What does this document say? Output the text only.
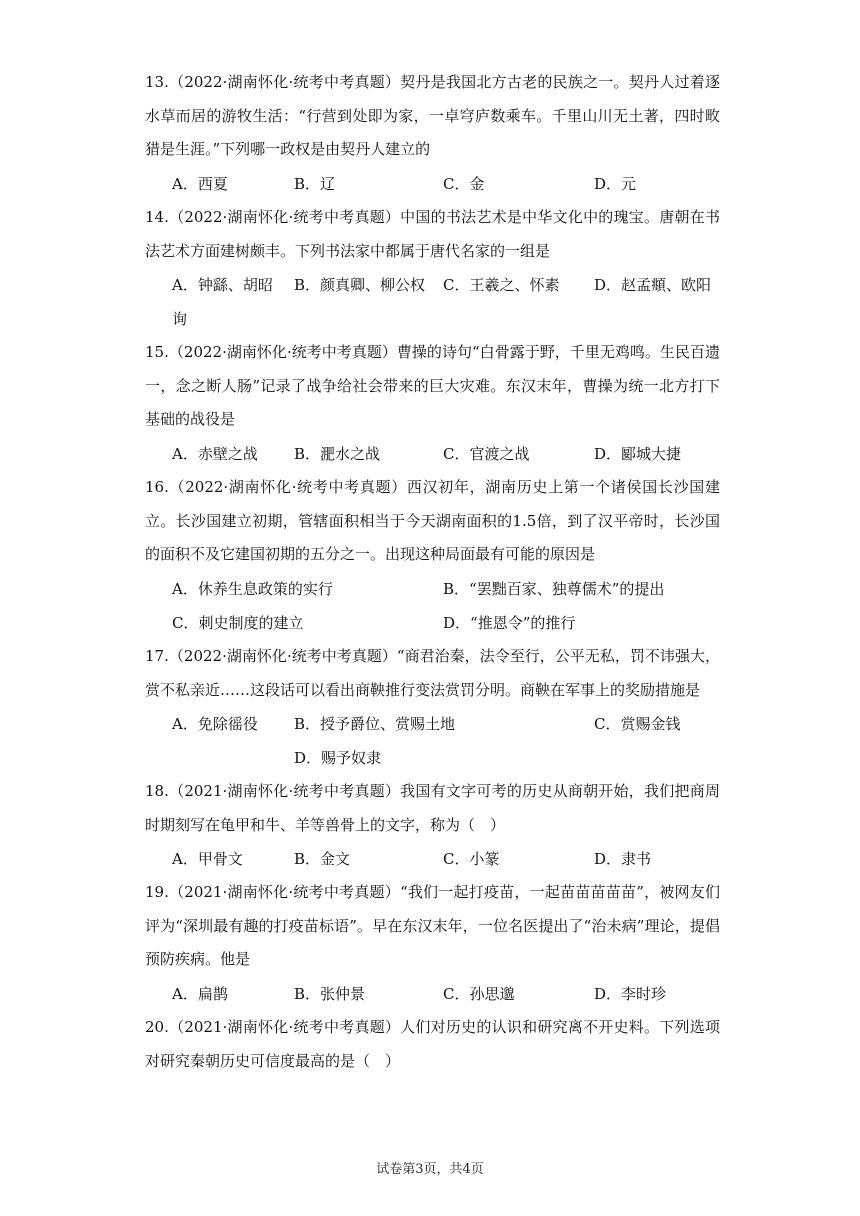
13.（2022·湖南怀化·统考中考真题）契丹是我国北方古老的民族之一。契丹人过着逐水草而居的游牧生活：“行营到处即为家，一卓穹庐数乘车。千里山川无土著，四时畋猎是生涯。”下列哪一政权是由契丹人建立的
A．西夏	B．辽	C．金	D．元
14.（2022·湖南怀化·统考中考真题）中国的书法艺术是中华文化中的瑰宝。唐朝在书法艺术方面建树颇丰。下列书法家中都属于唐代名家的一组是
A．钟繇、胡昭 B．颜真卿、柳公权 C．王羲之、怀素 D．赵孟頫、欧阳
询
15.（2022·湖南怀化·统考中考真题）曹操的诗句“白骨露于野，千里无鸡鸣。生民百遗一，念之断人肠”记录了战争给社会带来的巨大灾难。东汉末年，曹操为统一北方打下基础的战役是
A．赤壁之战 B．淝水之战	C．官渡之战	D．郾城大捷
16.（2022·湖南怀化·统考中考真题）西汉初年，湖南历史上第一个诸侯国长沙国建立。长沙国建立初期，管辖面积相当于今天湖南面积的1.5倍，到了汉平帝时，长沙国的面积不及它建国初期的五分之一。出现这种局面最有可能的原因是
A．休养生息政策的实行	B．“罢黜百家、独尊儒术”的提出
C．刺史制度的建立	D．“推恩令”的推行
17.（2022·湖南怀化·统考中考真题）“商君治秦，法令至行，公平无私，罚不讳强大，赏不私亲近……这段话可以看出商鞅推行变法赏罚分明。商鞅在军事上的奖励措施是
A．免除徭役 B．授予爵位、赏赐土地	C．赏赐金钱
D．赐予奴隶
18.（2021·湖南怀化·统考中考真题）我国有文字可考的历史从商朝开始，我们把商周时期刻写在龟甲和牛、羊等兽骨上的文字，称为（　）
A．甲骨文	B．金文	C．小篆	D．隶书
19.（2021·湖南怀化·统考中考真题）“我们一起打疫苗，一起苗苗苗苗苗”，被网友们评为“深圳最有趣的打疫苗标语”。早在东汉末年，一位名医提出了“治未病”理论，提倡预防疾病。他是
A．扁鹊	B．张仲景	C．孙思邈	D．李时珍
20.（2021·湖南怀化·统考中考真题）人们对历史的认识和研究离不开史料。下列选项对研究秦朝历史可信度最高的是（　）
试卷第3页，共4页
